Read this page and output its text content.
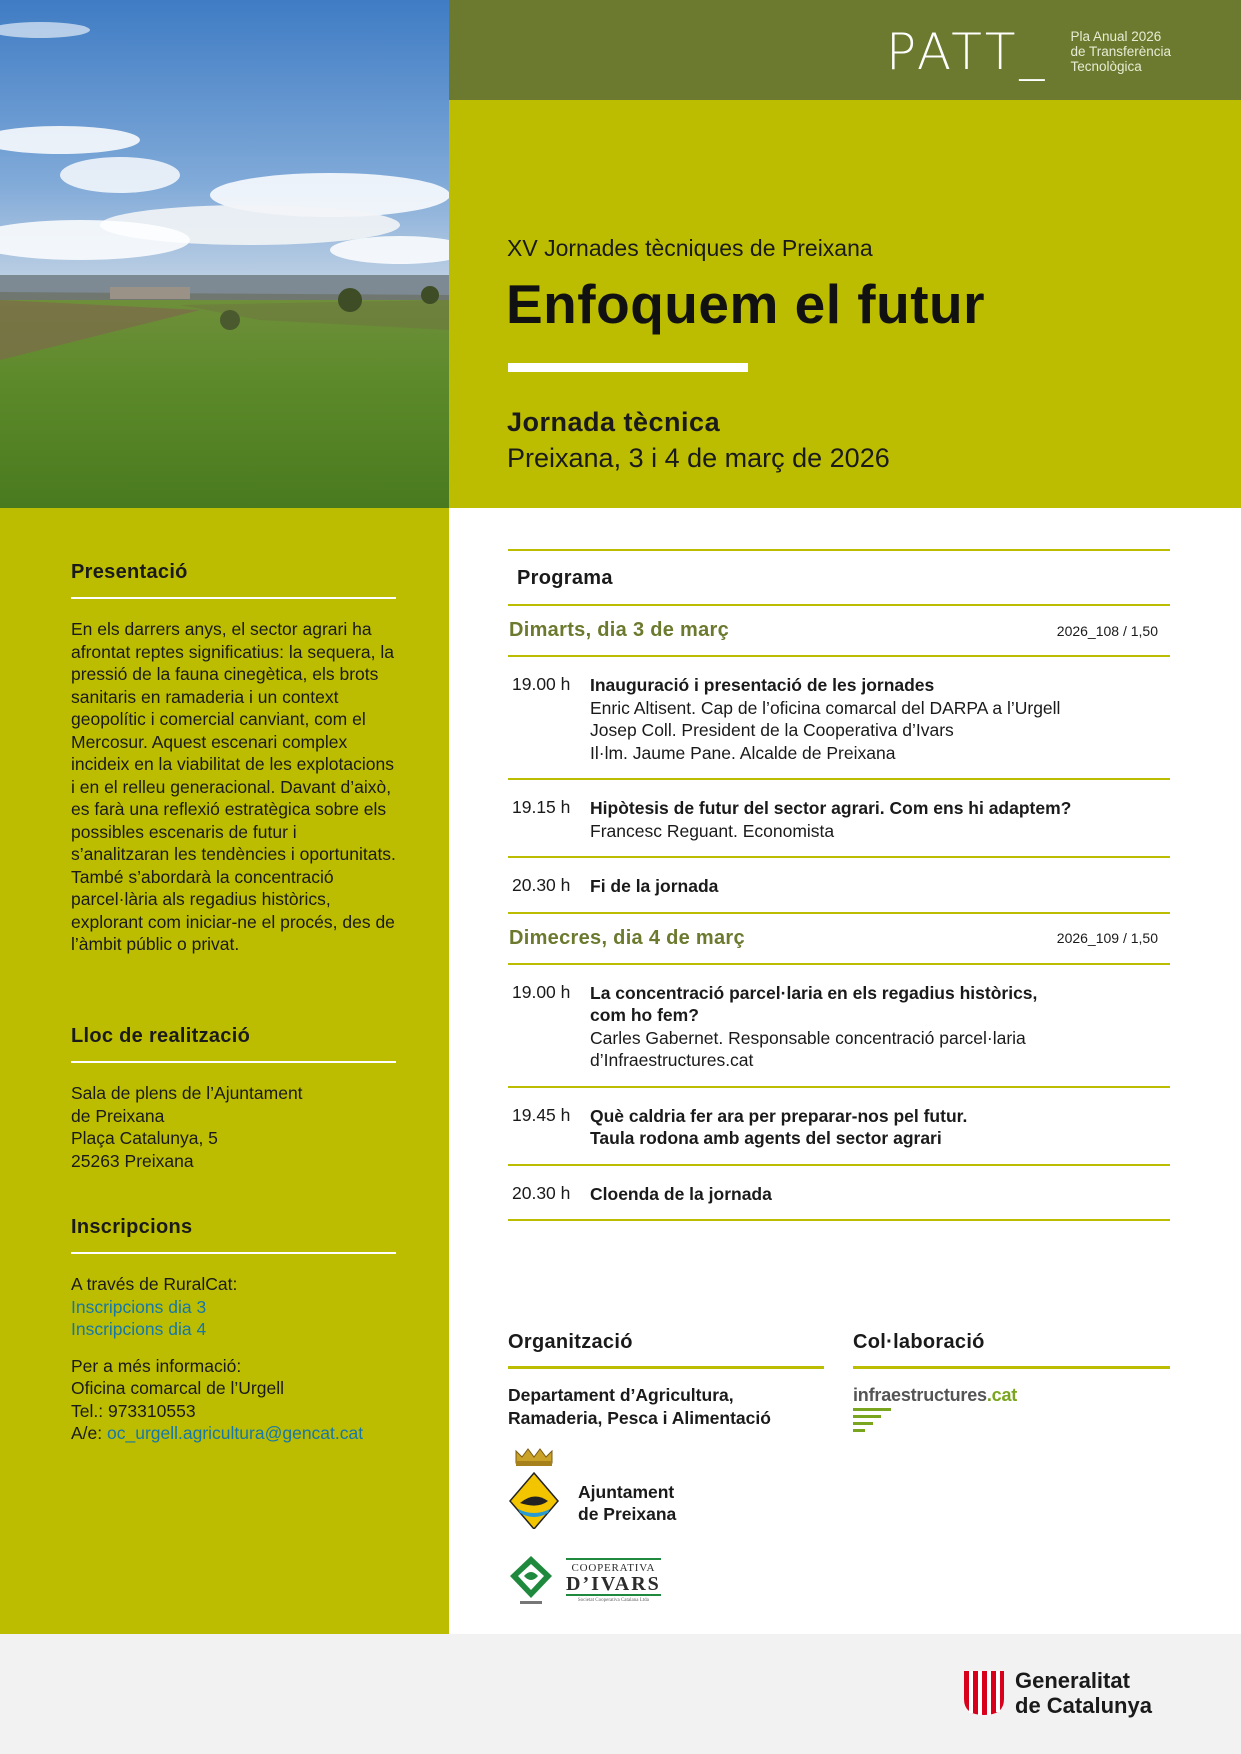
PATT_ Pla Anual 2026
de Transferència
Tecnològica
XV Jornades tècniques de Preixana
Enfoquem el futur
Jornada tècnica
Preixana, 3 i 4 de març de 2026
Presentació
En els darrers anys, el sector agrari ha afrontat reptes significatius: la sequera, la pressió de la fauna cinegètica, els brots sanitaris en ramaderia i un context geopolític i comercial canviant, com el Mercosur. Aquest escenari complex incideix en la viabilitat de les explotacions i en el relleu generacional. Davant d’això, es farà una reflexió estratègica sobre els possibles escenaris de futur i s’analitzaran les tendències i oportunitats. També s’abordarà la concentració parcel·lària als regadius històrics, explorant com iniciar-ne el procés, des de l’àmbit públic o privat.
Lloc de realització
Sala de plens de l’Ajuntament
de Preixana
Plaça Catalunya, 5
25263 Preixana
Inscripcions
A través de RuralCat:
Inscripcions dia 3
Inscripcions dia 4
Per a més informació:
Oficina comarcal de l’Urgell
Tel.: 973310553
A/e: oc_urgell.agricultura@gencat.cat
Programa
Dimarts, dia 3 de març	2026_108 / 1,50
19.00 h	Inauguració i presentació de les jornades
Enric Altisent. Cap de l’oficina comarcal del DARPA a l’Urgell
Josep Coll. President de la Cooperativa d’Ivars
Il·lm. Jaume Pane. Alcalde de Preixana
19.15 h	Hipòtesis de futur del sector agrari. Com ens hi adaptem?
Francesc Reguant. Economista
20.30 h	Fi de la jornada
Dimecres, dia 4 de març	2026_109 / 1,50
19.00 h	La concentració parcel·laria en els regadius històrics,
com ho fem?
Carles Gabernet. Responsable concentració parcel·laria
d’Infraestructures.cat
19.45 h	Què caldria fer ara per preparar-nos pel futur.
Taula rodona amb agents del sector agrari
20.30 h	Cloenda de la jornada
Organització
Departament d’Agricultura,
Ramaderia, Pesca i Alimentació
Col·laboració
infraestructures.cat
Ajuntament
de Preixana
COOPERATIVA
D’IVARS
Societat Cooperativa Catalana Ltda
Generalitat
de Catalunya
